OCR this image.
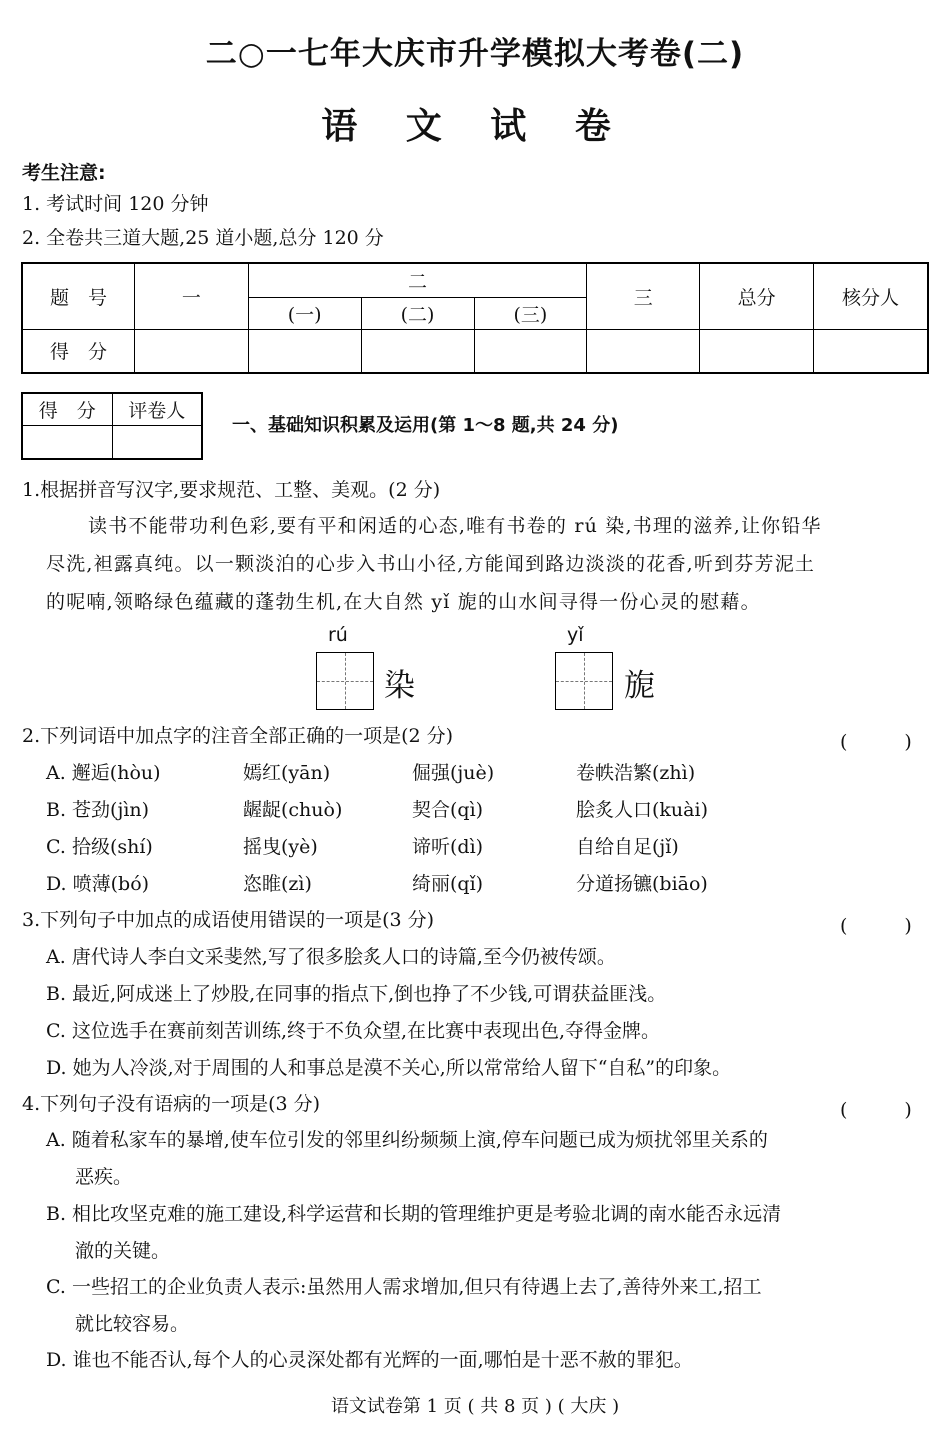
二○一七年大庆市升学模拟大考卷(二)
语 文 试 卷
考生注意:
1. 考试时间 120 分钟
2. 全卷共三道大题,25 道小题,总分 120 分
题　号	一	二			三	总分	核分人
		(一)	(二)	(三)			
得　分							
得　分	评卷人

一、基础知识积累及运用(第 1～8 题,共 24 分)
1.根据拼音写汉字,要求规范、工整、美观。(2 分)
读书不能带功利色彩,要有平和闲适的心态,唯有书卷的 rú 染,书理的滋养,让你铅华
尽洗,袒露真纯。以一颗淡泊的心步入书山小径,方能闻到路边淡淡的花香,听到芬芳泥土
的呢喃,领略绿色蕴藏的蓬勃生机,在大自然 yǐ 旎的山水间寻得一份心灵的慰藉。
rú
染
yǐ
旎
2.下列词语中加点字的注音全部正确的一项是(2 分)	(　　　)
A. 邂逅(hòu)	嫣红(yān)	倔强(juè)	卷帙浩繁(zhì)
B. 苍劲(jìn)	龌龊(chuò)	契合(qì)	脍炙人口(kuài)
C. 拾级(shí)	摇曳(yè)	谛听(dì)	自给自足(jǐ)
D. 喷薄(bó)	恣睢(zì)	绮丽(qǐ)	分道扬镳(biāo)
3.下列句子中加点的成语使用错误的一项是(3 分)	(　　　)
A. 唐代诗人李白文采斐然,写了很多脍炙人口的诗篇,至今仍被传颂。
B. 最近,阿成迷上了炒股,在同事的指点下,倒也挣了不少钱,可谓获益匪浅。
C. 这位选手在赛前刻苦训练,终于不负众望,在比赛中表现出色,夺得金牌。
D. 她为人冷淡,对于周围的人和事总是漠不关心,所以常常给人留下“自私”的印象。
4.下列句子没有语病的一项是(3 分)	(　　　)
A. 随着私家车的暴增,使车位引发的邻里纠纷频频上演,停车问题已成为烦扰邻里关系的
恶疾。
B. 相比攻坚克难的施工建设,科学运营和长期的管理维护更是考验北调的南水能否永远清
澈的关键。
C. 一些招工的企业负责人表示:虽然用人需求增加,但只有待遇上去了,善待外来工,招工
就比较容易。
D. 谁也不能否认,每个人的心灵深处都有光辉的一面,哪怕是十恶不赦的罪犯。
语文试卷第 1 页 ( 共 8 页 ) ( 大庆 )
